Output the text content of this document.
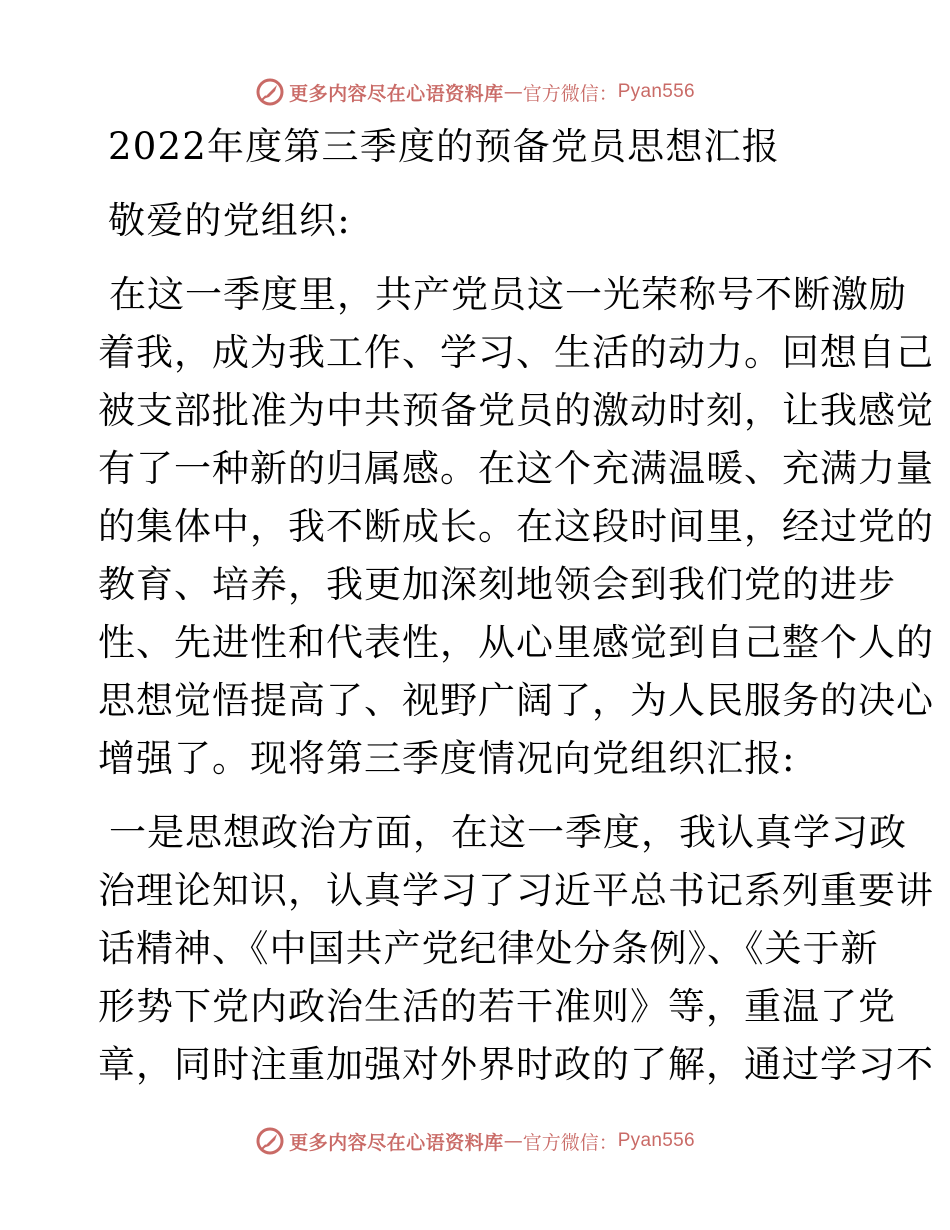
更多内容尽在心语资料库 — 官方微信： Pyan556
2022年度第三季度的预备党员思想汇报
敬爱的党组织:
在这一季度里，共产党员这一光荣称号不断激励
着我，成为我工作、学习、生活的动力。回想自己
被支部批准为中共预备党员的激动时刻，让我感觉
有了一种新的归属感。在这个充满温暖、充满力量
的集体中，我不断成长。在这段时间里，经过党的
教育、培养，我更加深刻地领会到我们党的进步
性、先进性和代表性，从心里感觉到自己整个人的
思想觉悟提高了、视野广阔了，为人民服务的决心
增强了。现将第三季度情况向党组织汇报:
一是思想政治方面，在这一季度，我认真学习政
治理论知识，认真学习了习近平总书记系列重要讲
话精神、《中国共产党纪律处分条例》、《关于新
形势下党内政治生活的若干准则》等，重温了党
章，同时注重加强对外界时政的了解，通过学习不
更多内容尽在心语资料库 — 官方微信： Pyan556
